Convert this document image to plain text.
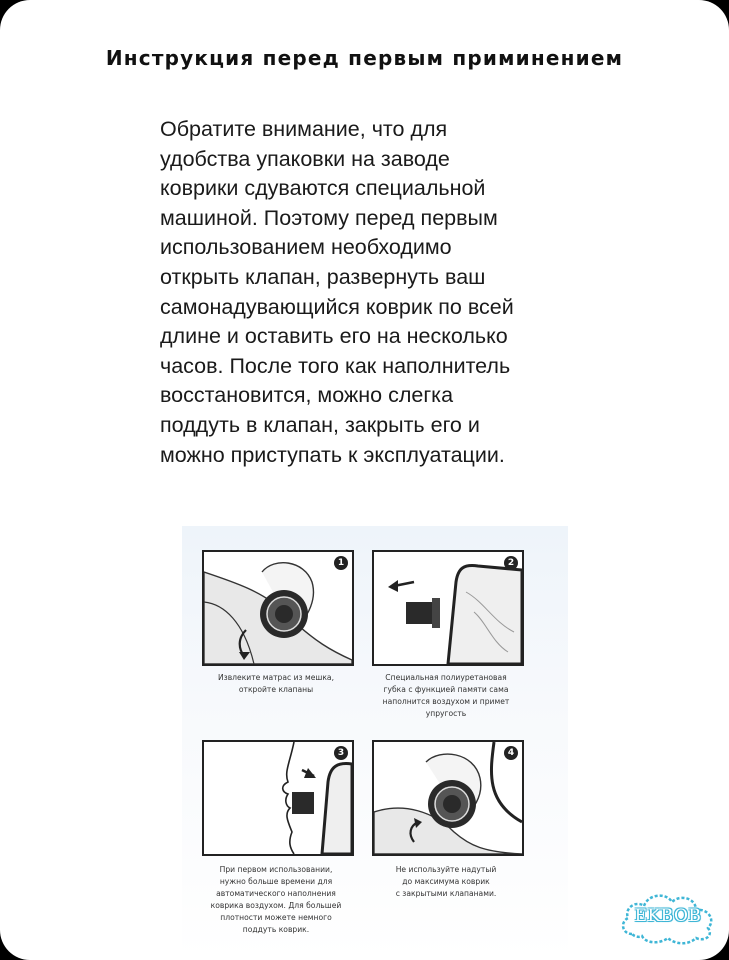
Инструкция перед первым приминением
Обратите внимание, что для
удобства упаковки на заводе
коврики сдуваются специальной
машиной. Поэтому перед первым
использованием необходимо
открыть клапан, развернуть ваш
самонадувающийся коврик по всей
длине и оставить его на несколько
часов. После того как наполнитель
восстановится, можно слегка
поддуть в клапан, закрыть его и
можно приступать к эксплуатации.
1
Извлеките матрас из мешка,
откройте клапаны
2
Специальная полиуретановая
губка с функцией памяти сама
наполнится воздухом и примет
упругость
3
При первом использовании,
нужно больше времени для
автоматического наполнения
коврика воздухом. Для большей
плотности можете немного
поддуть коврик.
4
Не используйте надутый
до максимума коврик
с закрытыми клапанами.
EKBOB
